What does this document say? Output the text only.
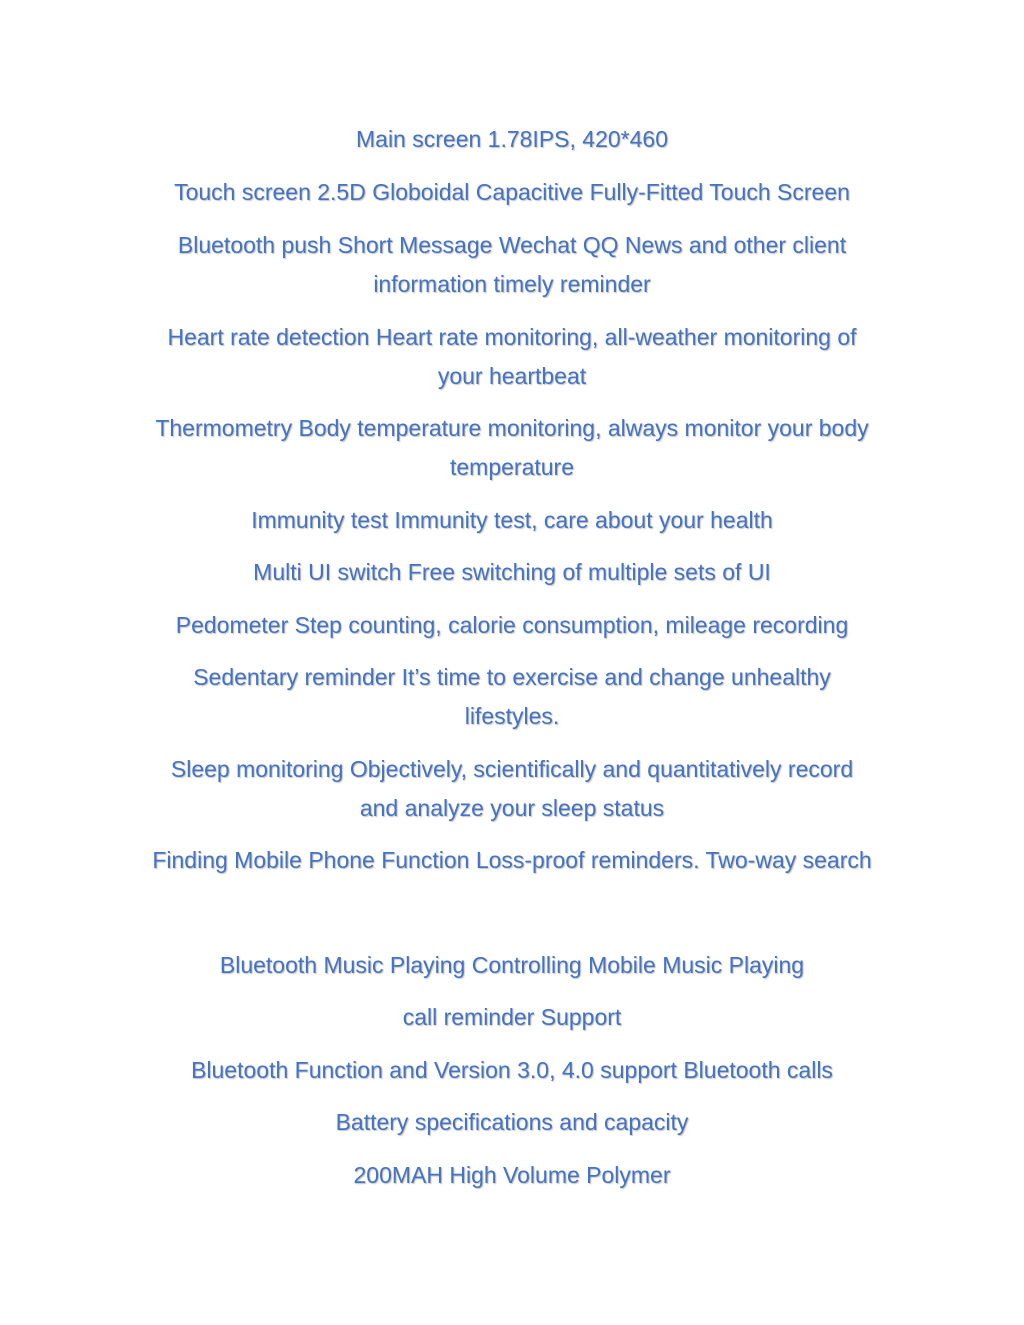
Main screen 1.78IPS, 420*460
Touch screen 2.5D Globoidal Capacitive Fully-Fitted Touch Screen
Bluetooth push Short Message Wechat QQ News and other client
information timely reminder
Heart rate detection Heart rate monitoring, all-weather monitoring of
your heartbeat
Thermometry Body temperature monitoring, always monitor your body
temperature
Immunity test Immunity test, care about your health
Multi UI switch Free switching of multiple sets of UI
Pedometer Step counting, calorie consumption, mileage recording
Sedentary reminder It’s time to exercise and change unhealthy
lifestyles.
Sleep monitoring Objectively, scientifically and quantitatively record
and analyze your sleep status
Finding Mobile Phone Function Loss-proof reminders. Two-way search
Bluetooth Music Playing Controlling Mobile Music Playing
call reminder Support
Bluetooth Function and Version 3.0, 4.0 support Bluetooth calls
Battery specifications and capacity
200MAH High Volume Polymer
